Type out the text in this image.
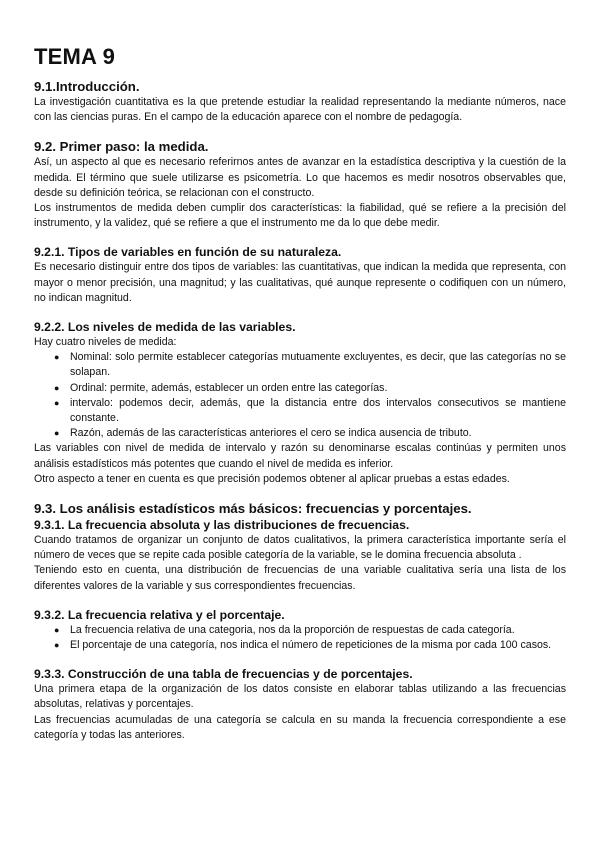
TEMA 9
9.1.Introducción.

La investigación cuantitativa es la que pretende estudiar la realidad representando la mediante números, nace con las ciencias puras. En el campo de la educación aparece con el nombre de pedagogía.

9.2. Primer paso: la medida.

Así, un aspecto al que es necesario referirnos antes de avanzar en la estadística descriptiva y la cuestión de la medida. El término que suele utilizarse es psicometría. Lo que hacemos es medir nosotros observables que, desde su definición teórica, se relacionan con el constructo.

Los instrumentos de medida deben cumplir dos características: la fiabilidad, qué se refiere a la precisión del instrumento, y la validez, qué se refiere a que el instrumento me da lo que debe medir.

9.2.1. Tipos de variables en función de su naturaleza.

Es necesario distinguir entre dos tipos de variables: las cuantitativas, que indican la medida que representa, con mayor o menor precisión, una magnitud; y las cualitativas, qué aunque represente o codifiquen con un número, no indican magnitud.

9.2.2. Los niveles de medida de las variables.

Hay cuatro niveles de medida:

● Nominal: solo permite establecer categorías mutuamente excluyentes, es decir, que las categorías no se solapan.
● Ordinal: permite, además, establecer un orden entre las categorías.
● intervalo: podemos decir, además, que la distancia entre dos intervalos consecutivos se mantiene constante.
● Razón, además de las características anteriores el cero se indica ausencia de tributo.

Las variables con nivel de medida de intervalo y razón su denominarse escalas continúas y permiten unos análisis estadísticos más potentes que cuando el nivel de medida es inferior.

Otro aspecto a tener en cuenta es que precisión podemos obtener al aplicar pruebas a estas edades.

9.3. Los análisis estadísticos más básicos: frecuencias y porcentajes.
9.3.1. La frecuencia absoluta y las distribuciones de frecuencias.

Cuando tratamos de organizar un conjunto de datos cualitativos, la primera característica importante sería el número de veces que se repite cada posible categoría de la variable, se le domina frecuencia absoluta .

Teniendo esto en cuenta, una distribución de frecuencias de una variable cualitativa sería una lista de los diferentes valores de la variable y sus correspondientes frecuencias.

9.3.2. La frecuencia relativa y el porcentaje.
● La frecuencia relativa de una categoria, nos da la proporción de respuestas de cada categoría.
● El porcentaje de una categoría, nos indica el número de repeticiones de la misma por cada 100 casos.
9.3.3. Construcción de una tabla de frecuencias y de porcentajes.

Una primera etapa de la organización de los datos consiste en elaborar tablas utilizando a las frecuencias absolutas, relativas y porcentajes.

Las frecuencias acumuladas de una categoría se calcula en su manda la frecuencia correspondiente a ese categoría y todas las anteriores.
